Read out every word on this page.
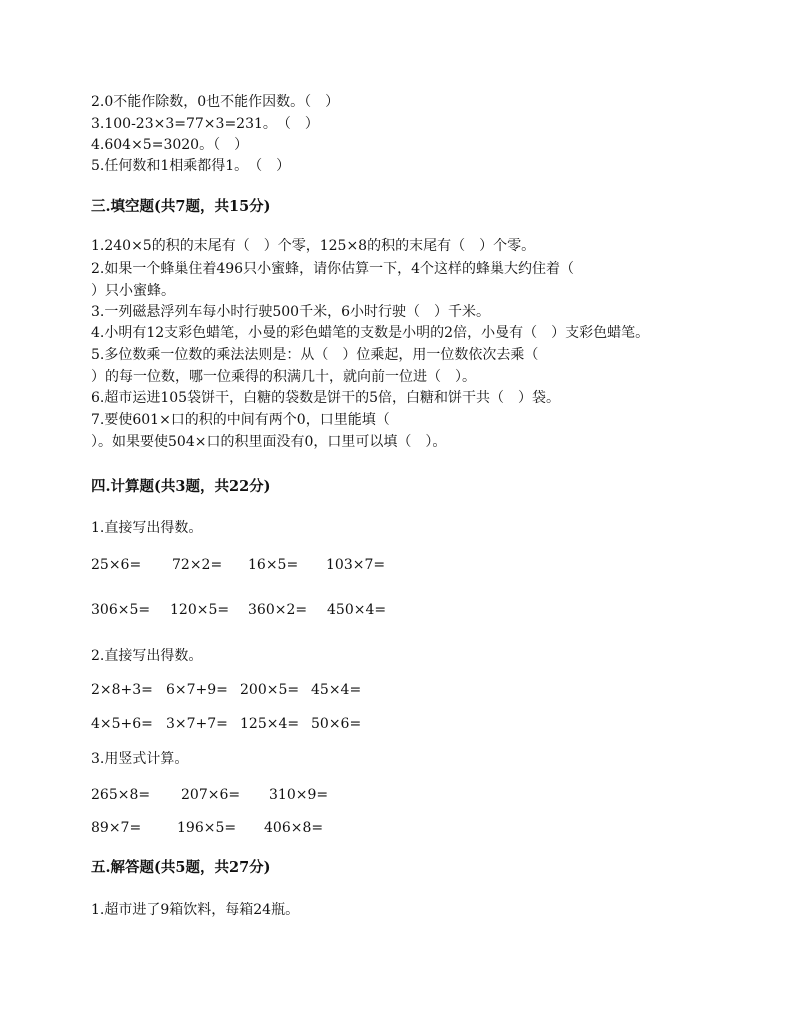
2.0不能作除数，0也不能作因数。（　）
3.100-23×3=77×3=231。　（　）
4.604×5=3020。（　）
5.任何数和1相乘都得1。　（　）
三.填空题(共7题，共15分)
1.240×5的积的末尾有（　）个零，125×8的积的末尾有（　）个零。
2.如果一个蜂巢住着496只小蜜蜂，请你估算一下，4个这样的蜂巢大约住着（
）只小蜜蜂。
3.一列磁悬浮列车每小时行驶500千米，6小时行驶（　）千米。
4.小明有12支彩色蜡笔，小曼的彩色蜡笔的支数是小明的2倍，小曼有（　）支彩色蜡笔。
5.多位数乘一位数的乘法法则是：从（　）位乘起，用一位数依次去乘（
）的每一位数，哪一位乘得的积满几十，就向前一位进（　）。
6.超市运进105袋饼干，白糖的袋数是饼干的5倍，白糖和饼干共（　）袋。
7.要使601×口的积的中间有两个0，口里能填（
）。如果要使504×口的积里面没有0，口里可以填（　）。
四.计算题(共3题，共22分)
1.直接写出得数。
25×6= 72×2= 16×5= 103×7=
306×5= 120×5= 360×2= 450×4=
2.直接写出得数。
2×8+3= 6×7+9= 200×5= 45×4=
4×5+6= 3×7+7= 125×4= 50×6=
3.用竖式计算。
265×8= 207×6= 310×9=
89×7=	196×5= 406×8=
五.解答题(共5题，共27分)
1.超市进了9箱饮料，每箱24瓶。
